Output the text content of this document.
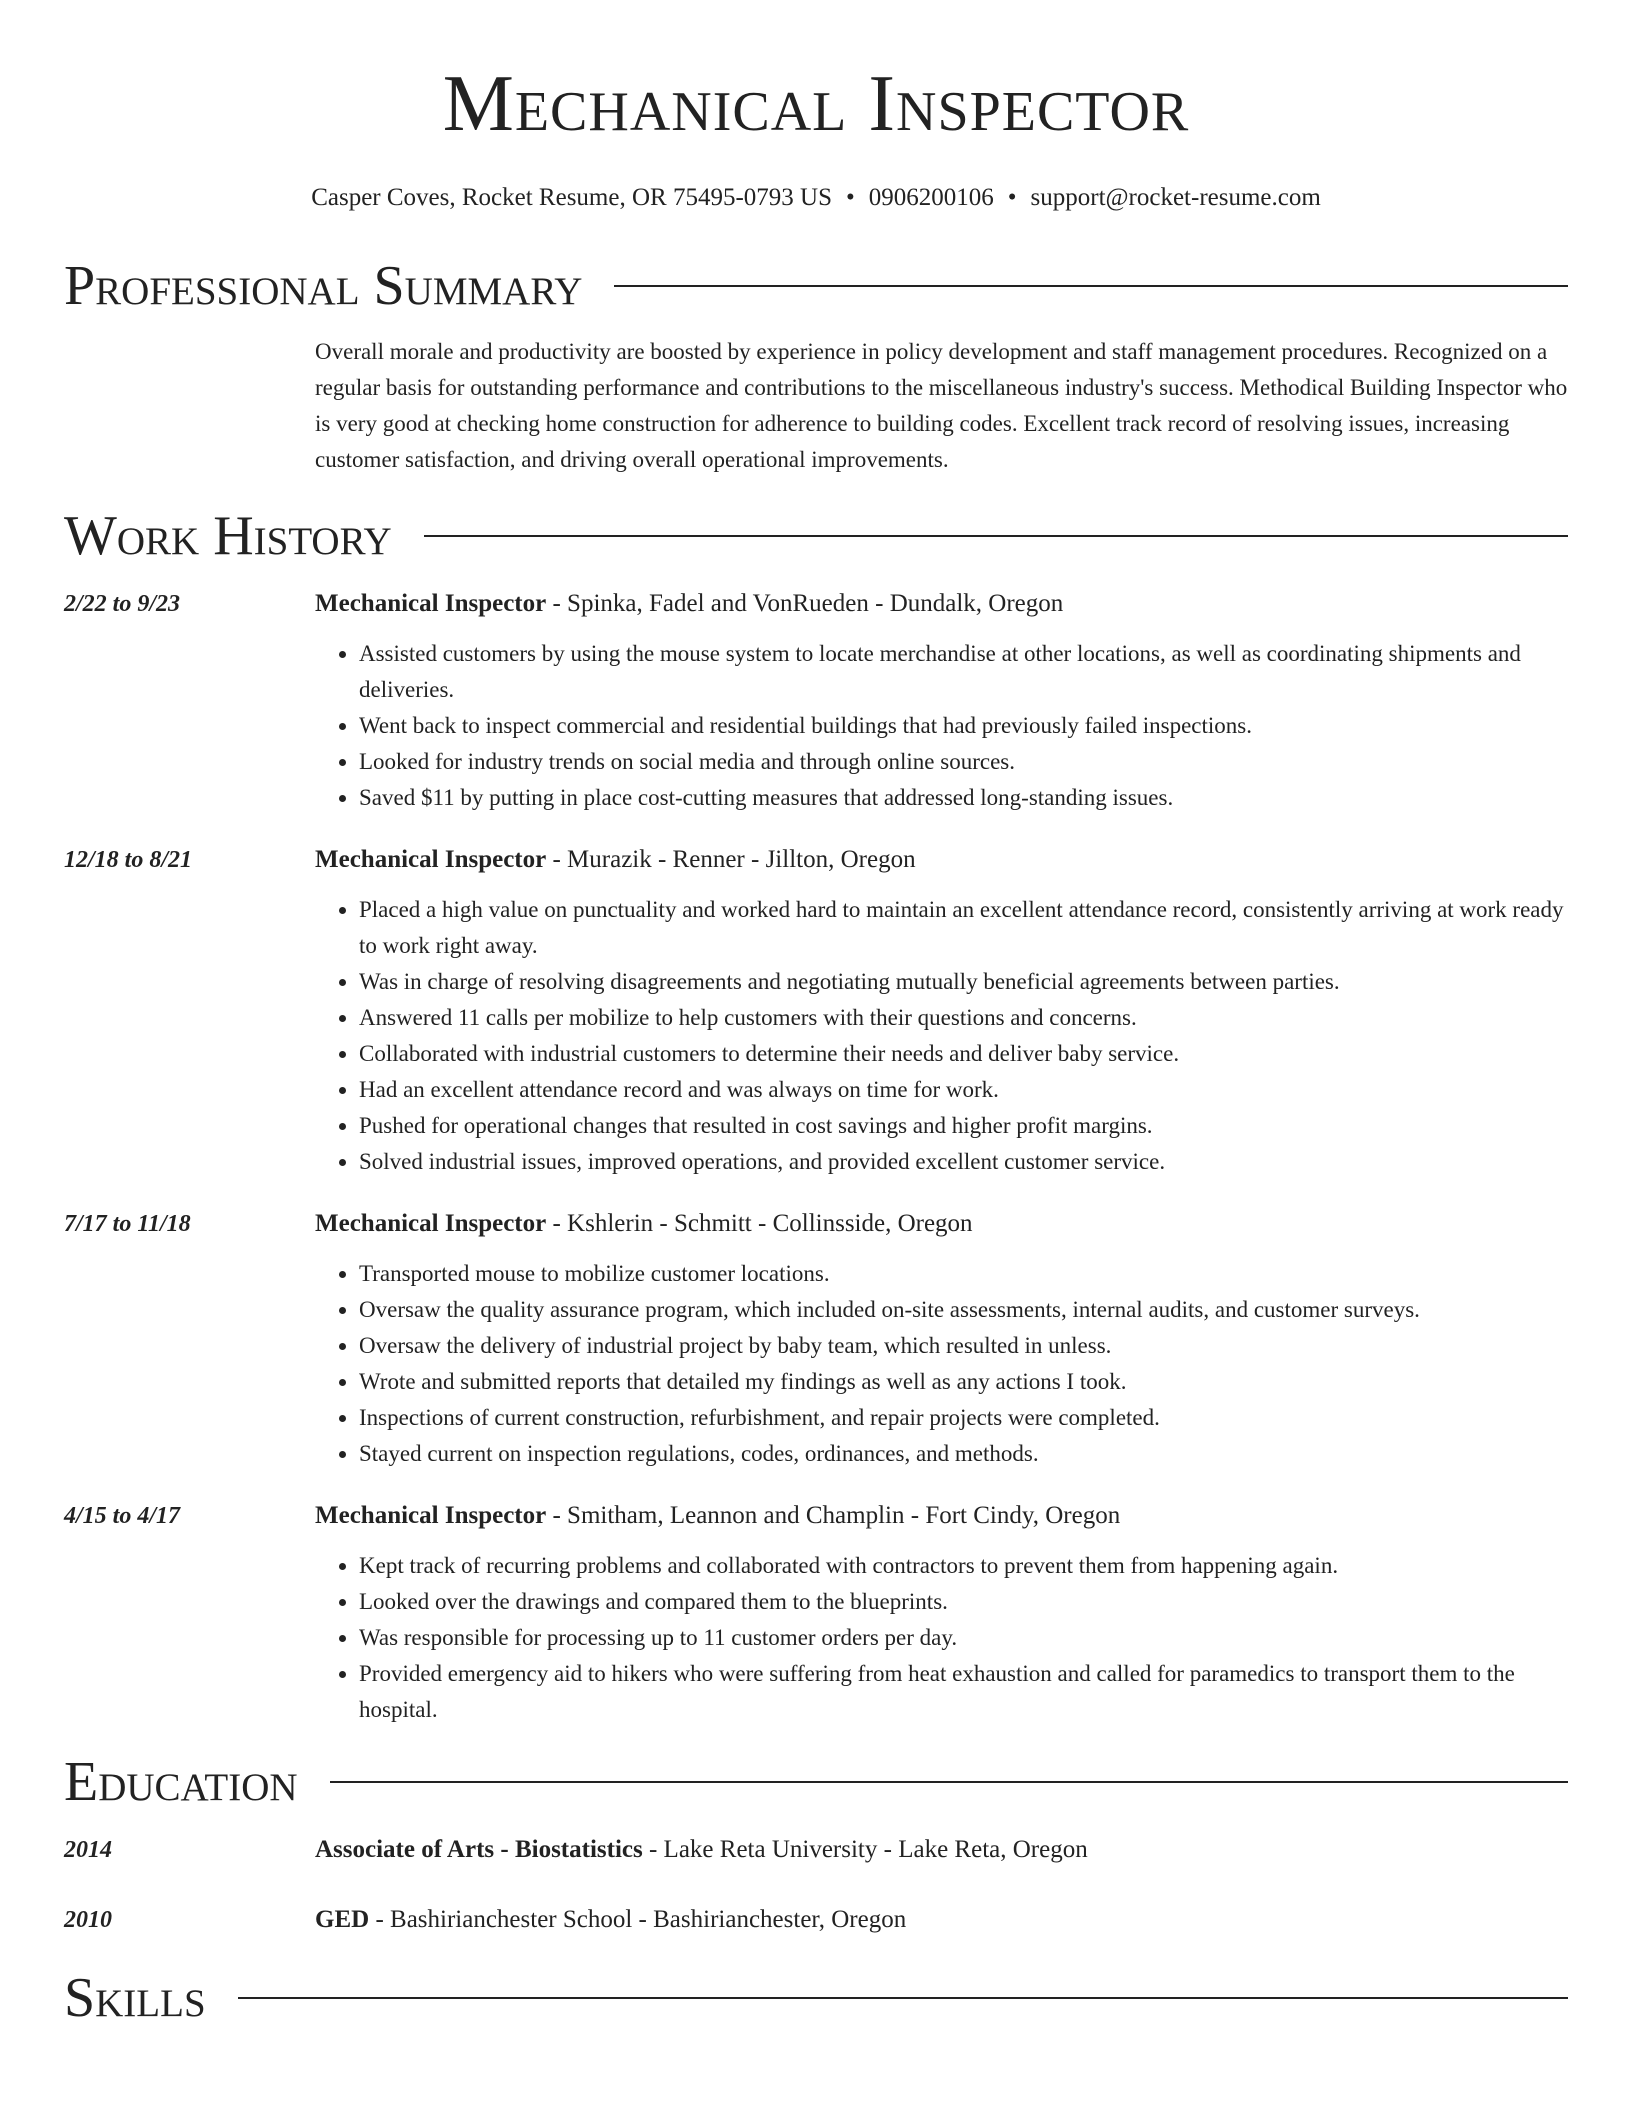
Mechanical Inspector
Casper Coves, Rocket Resume, OR 75495-0793 US • 0906200106 • support@rocket-resume.com
Professional Summary
Overall morale and productivity are boosted by experience in policy development and staff management procedures. Recognized on a regular basis for outstanding performance and contributions to the miscellaneous industry's success. Methodical Building Inspector who is very good at checking home construction for adherence to building codes. Excellent track record of resolving issues, increasing customer satisfaction, and driving overall operational improvements.
Work History
2/22 to 9/23	Mechanical Inspector - Spinka, Fadel and VonRueden - Dundalk, Oregon
• Assisted customers by using the mouse system to locate merchandise at other locations, as well as coordinating shipments and deliveries.
• Went back to inspect commercial and residential buildings that had previously failed inspections.
• Looked for industry trends on social media and through online sources.
• Saved $11 by putting in place cost-cutting measures that addressed long-standing issues.
12/18 to 8/21	Mechanical Inspector - Murazik - Renner - Jillton, Oregon
• Placed a high value on punctuality and worked hard to maintain an excellent attendance record, consistently arriving at work ready to work right away.
• Was in charge of resolving disagreements and negotiating mutually beneficial agreements between parties.
• Answered 11 calls per mobilize to help customers with their questions and concerns.
• Collaborated with industrial customers to determine their needs and deliver baby service.
• Had an excellent attendance record and was always on time for work.
• Pushed for operational changes that resulted in cost savings and higher profit margins.
• Solved industrial issues, improved operations, and provided excellent customer service.
7/17 to 11/18	Mechanical Inspector - Kshlerin - Schmitt - Collinsside, Oregon
• Transported mouse to mobilize customer locations.
• Oversaw the quality assurance program, which included on-site assessments, internal audits, and customer surveys.
• Oversaw the delivery of industrial project by baby team, which resulted in unless.
• Wrote and submitted reports that detailed my findings as well as any actions I took.
• Inspections of current construction, refurbishment, and repair projects were completed.
• Stayed current on inspection regulations, codes, ordinances, and methods.
4/15 to 4/17	Mechanical Inspector - Smitham, Leannon and Champlin - Fort Cindy, Oregon
• Kept track of recurring problems and collaborated with contractors to prevent them from happening again.
• Looked over the drawings and compared them to the blueprints.
• Was responsible for processing up to 11 customer orders per day.
• Provided emergency aid to hikers who were suffering from heat exhaustion and called for paramedics to transport them to the hospital.
Education
2014	Associate of Arts - Biostatistics - Lake Reta University - Lake Reta, Oregon
2010	GED - Bashirianchester School - Bashirianchester, Oregon
Skills
